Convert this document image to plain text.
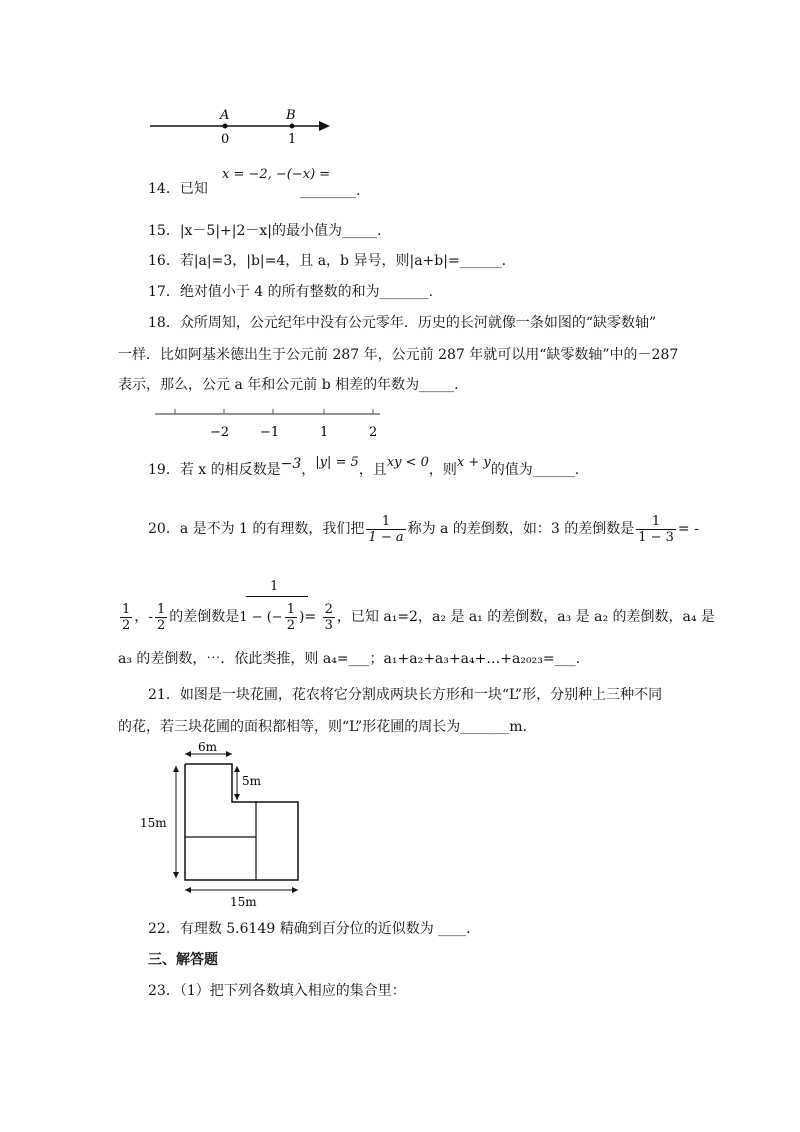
A	B
0	1
14．已知
x = −2, −(−x) =
________.
15．|x－5|+|2－x|的最小值为_____.
16．若|a|=3，|b|=4，且 a，b 异号，则|a+b|=______.
17．绝对值小于 4 的所有整数的和为_______.
18．众所周知，公元纪年中没有公元零年．历史的长河就像一条如图的“缺零数轴”
一样．比如阿基米德出生于公元前 287 年，公元前 287 年就可以用“缺零数轴”中的－287
表示，那么，公元 a 年和公元前 b 相差的年数为_____.
−2 −1	1	2
19．若 x 的相反数是−3，|y| = 5，且xy < 0，则x + y的值为______.
20．a 是不为 1 的有理数，我们把 $\frac{1}{1 - a}$ 称为 a 的差倒数，如：3 的差倒数是 $\frac{1}{1 - 3}$ = -
1
$\frac{1}{2}$ ，- $\frac{1}{2}$ 的差倒数是1 − (− $\frac{1}{2}$ )= $\frac{2}{3}$ ，已知 a₁=2，a₂ 是 a₁ 的差倒数，a₃ 是 a₂ 的差倒数，a₄ 是
a₃ 的差倒数，⋯．依此类推，则 a₄=___；a₁+a₂+a₃+a₄+…+a₂₀₂₃=___.
21．如图是一块花圃，花农将它分割成两块长方形和一块“L”形，分别种上三种不同
的花，若三块花圃的面积都相等，则“L”形花圃的周长为_______m.
6m
5m
15m
15m
22．有理数 5.6149 精确到百分位的近似数为 ____.
三、解答题
23．（1）把下列各数填入相应的集合里：
